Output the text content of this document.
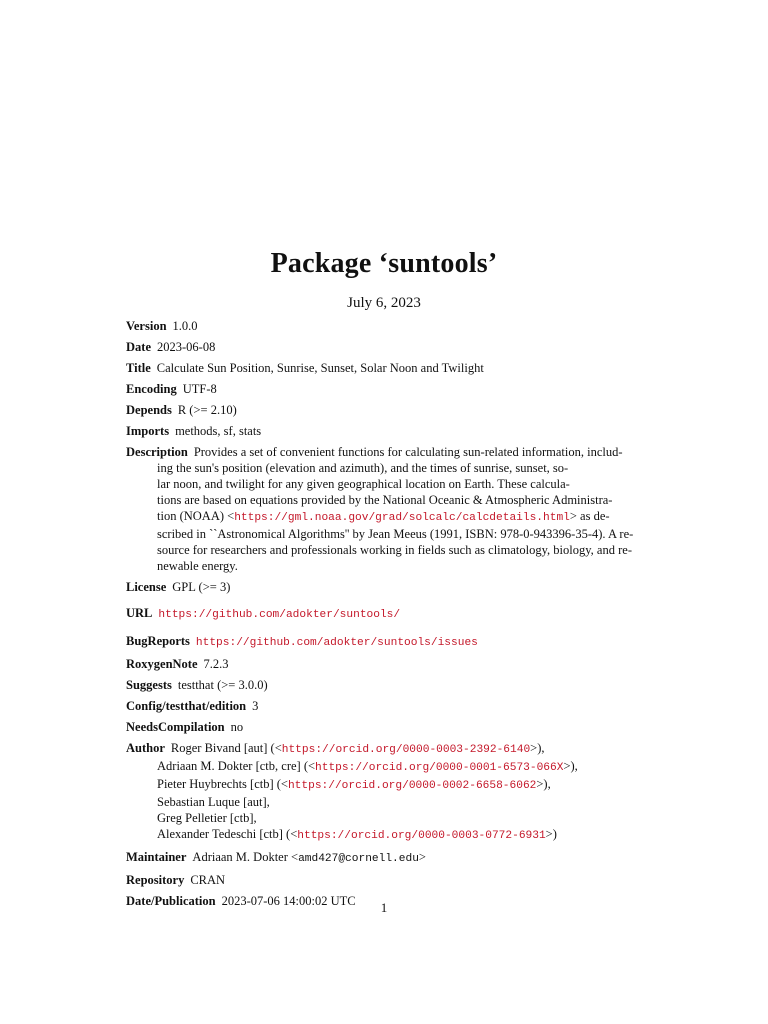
Package ‘suntools’
July 6, 2023
Version 1.0.0
Date 2023-06-08
Title Calculate Sun Position, Sunrise, Sunset, Solar Noon and Twilight
Encoding UTF-8
Depends R (>= 2.10)
Imports methods, sf, stats
Description Provides a set of convenient functions for calculating sun-related information, includ-
ing the sun's position (elevation and azimuth), and the times of sunrise, sunset, so-
lar noon, and twilight for any given geographical location on Earth. These calcula-
tions are based on equations provided by the National Oceanic & Atmospheric Administra-
tion (NOAA) <https://gml.noaa.gov/grad/solcalc/calcdetails.html> as de-
scribed in ``Astronomical Algorithms'' by Jean Meeus (1991, ISBN: 978-0-943396-35-4). A re-
source for researchers and professionals working in fields such as climatology, biology, and re-
newable energy.
License GPL (>= 3)
URL https://github.com/adokter/suntools/
BugReports https://github.com/adokter/suntools/issues
RoxygenNote 7.2.3
Suggests testthat (>= 3.0.0)
Config/testthat/edition 3
NeedsCompilation no
Author Roger Bivand [aut] (<https://orcid.org/0000-0003-2392-6140>),
Adriaan M. Dokter [ctb, cre] (<https://orcid.org/0000-0001-6573-066X>),
Pieter Huybrechts [ctb] (<https://orcid.org/0000-0002-6658-6062>),
Sebastian Luque [aut],
Greg Pelletier [ctb],
Alexander Tedeschi [ctb] (<https://orcid.org/0000-0003-0772-6931>)
Maintainer Adriaan M. Dokter <amd427@cornell.edu>
Repository CRAN
Date/Publication 2023-07-06 14:00:02 UTC	1
